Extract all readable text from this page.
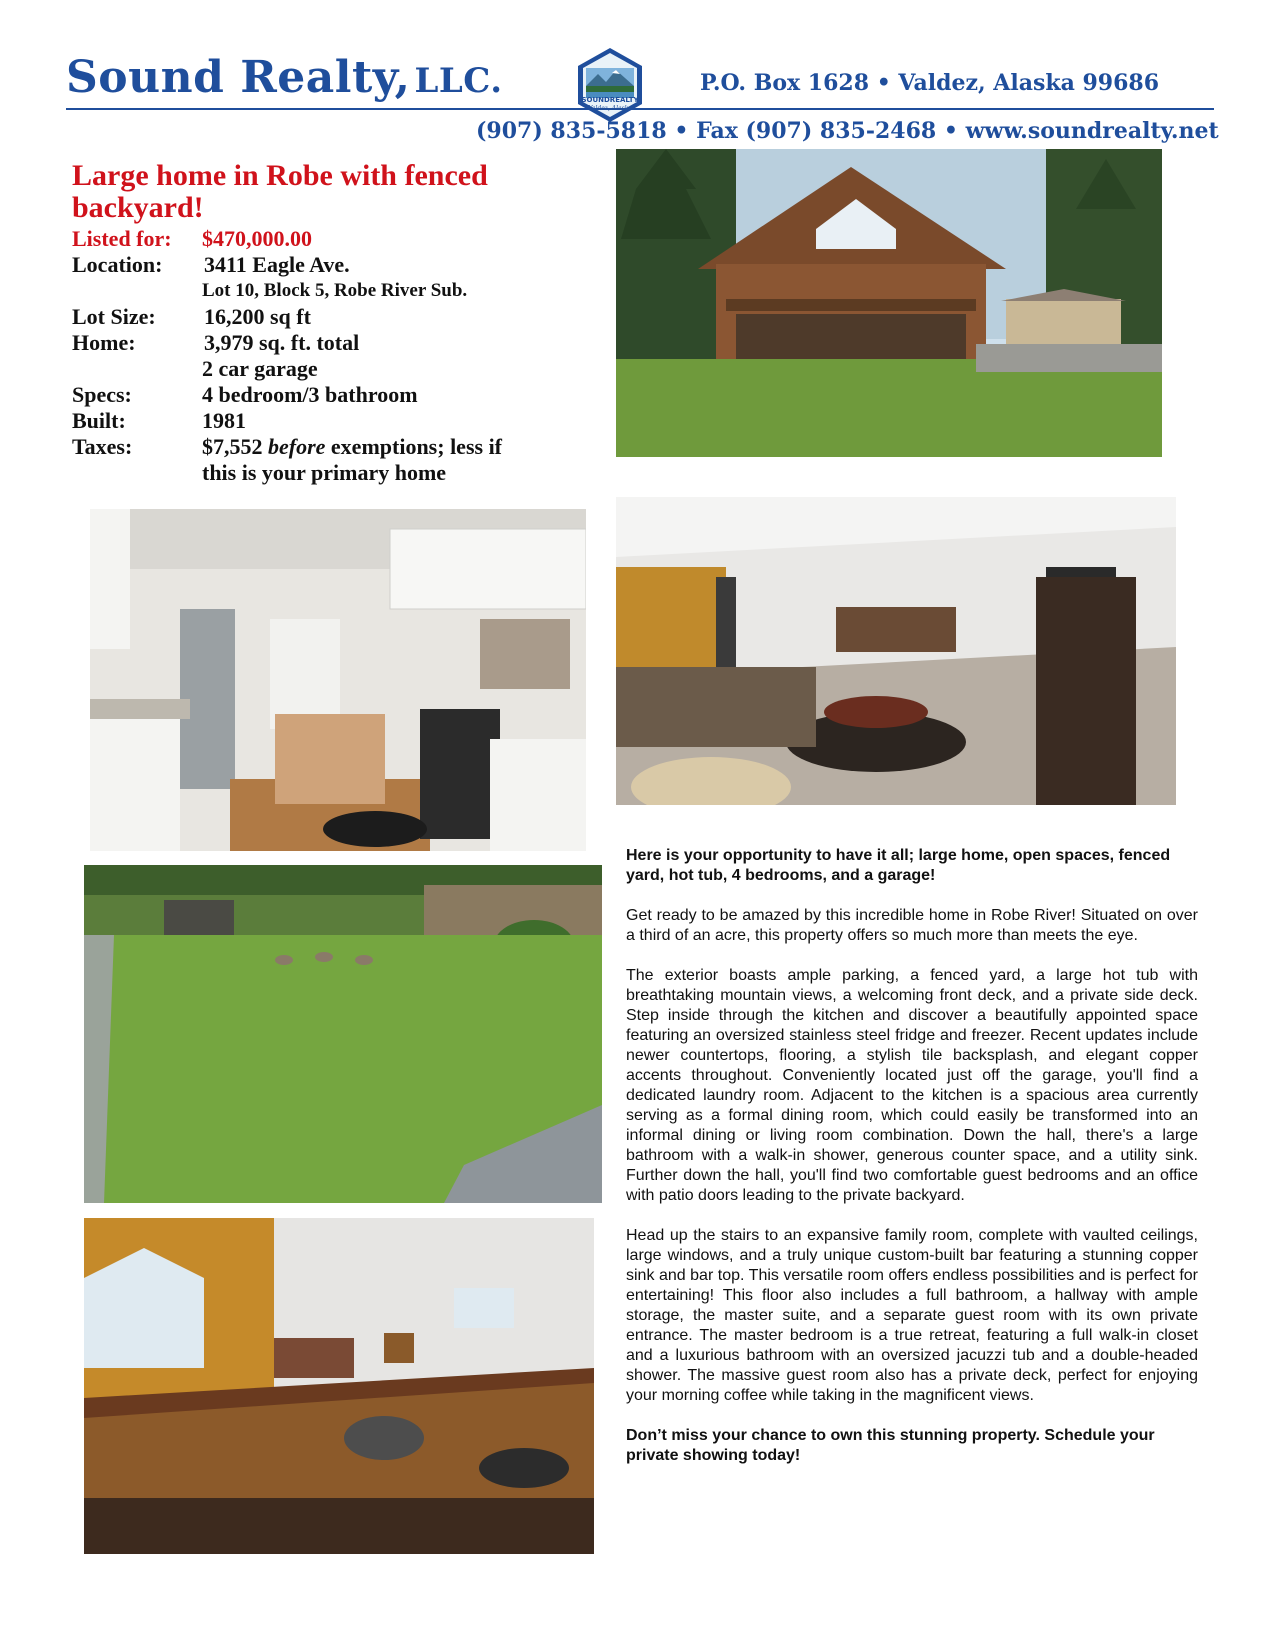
Sound Realty, LLC.	SOUNDREALTY
P.O. Box 1628 • Valdez, Alaska 99686
(907) 835-5818 • Fax (907) 835-2468 • www.soundrealty.net
Large home in Robe with fenced backyard!
Listed for: $470,000.00
Location: 3411 Eagle Ave.
Lot 10, Block 5, Robe River Sub.
Lot Size: 16,200 sq ft
Home:	3,979 sq. ft. total
2 car garage
Specs:	4 bedroom/3 bathroom
Built:	1981
Taxes:	$7,552 before exemptions; less if
this is your primary home

Here is your opportunity to have it all; large home, open spaces, fenced yard, hot tub, 4 bedrooms, and a garage!

Get ready to be amazed by this incredible home in Robe River! Situated on over a third of an acre, this property offers so much more than meets the eye.

The exterior boasts ample parking, a fenced yard, a large hot tub with breathtaking mountain views, a welcoming front deck, and a private side deck. Step inside through the kitchen and discover a beautifully appointed space featuring an oversized stainless steel fridge and freezer. Recent updates include newer countertops, flooring, a stylish tile backsplash, and elegant copper accents throughout. Conveniently located just off the garage, you'll find a dedicated laundry room. Adjacent to the kitchen is a spacious area currently serving as a formal dining room, which could easily be transformed into an informal dining or living room combination. Down the hall, there's a large bathroom with a walk-in shower, generous counter space, and a utility sink. Further down the hall, you'll find two comfortable guest bedrooms and an office with patio doors leading to the private backyard.

Head up the stairs to an expansive family room, complete with vaulted ceilings, large windows, and a truly unique custom-built bar featuring a stunning copper sink and bar top. This versatile room offers endless possibilities and is perfect for entertaining! This floor also includes a full bathroom, a hallway with ample storage, the master suite, and a separate guest room with its own private entrance. The master bedroom is a true retreat, featuring a full walk-in closet and a luxurious bathroom with an oversized jacuzzi tub and a double-headed shower. The massive guest room also has a private deck, perfect for enjoying your morning coffee while taking in the magnificent views.

Don’t miss your chance to own this stunning property. Schedule your private showing today!
